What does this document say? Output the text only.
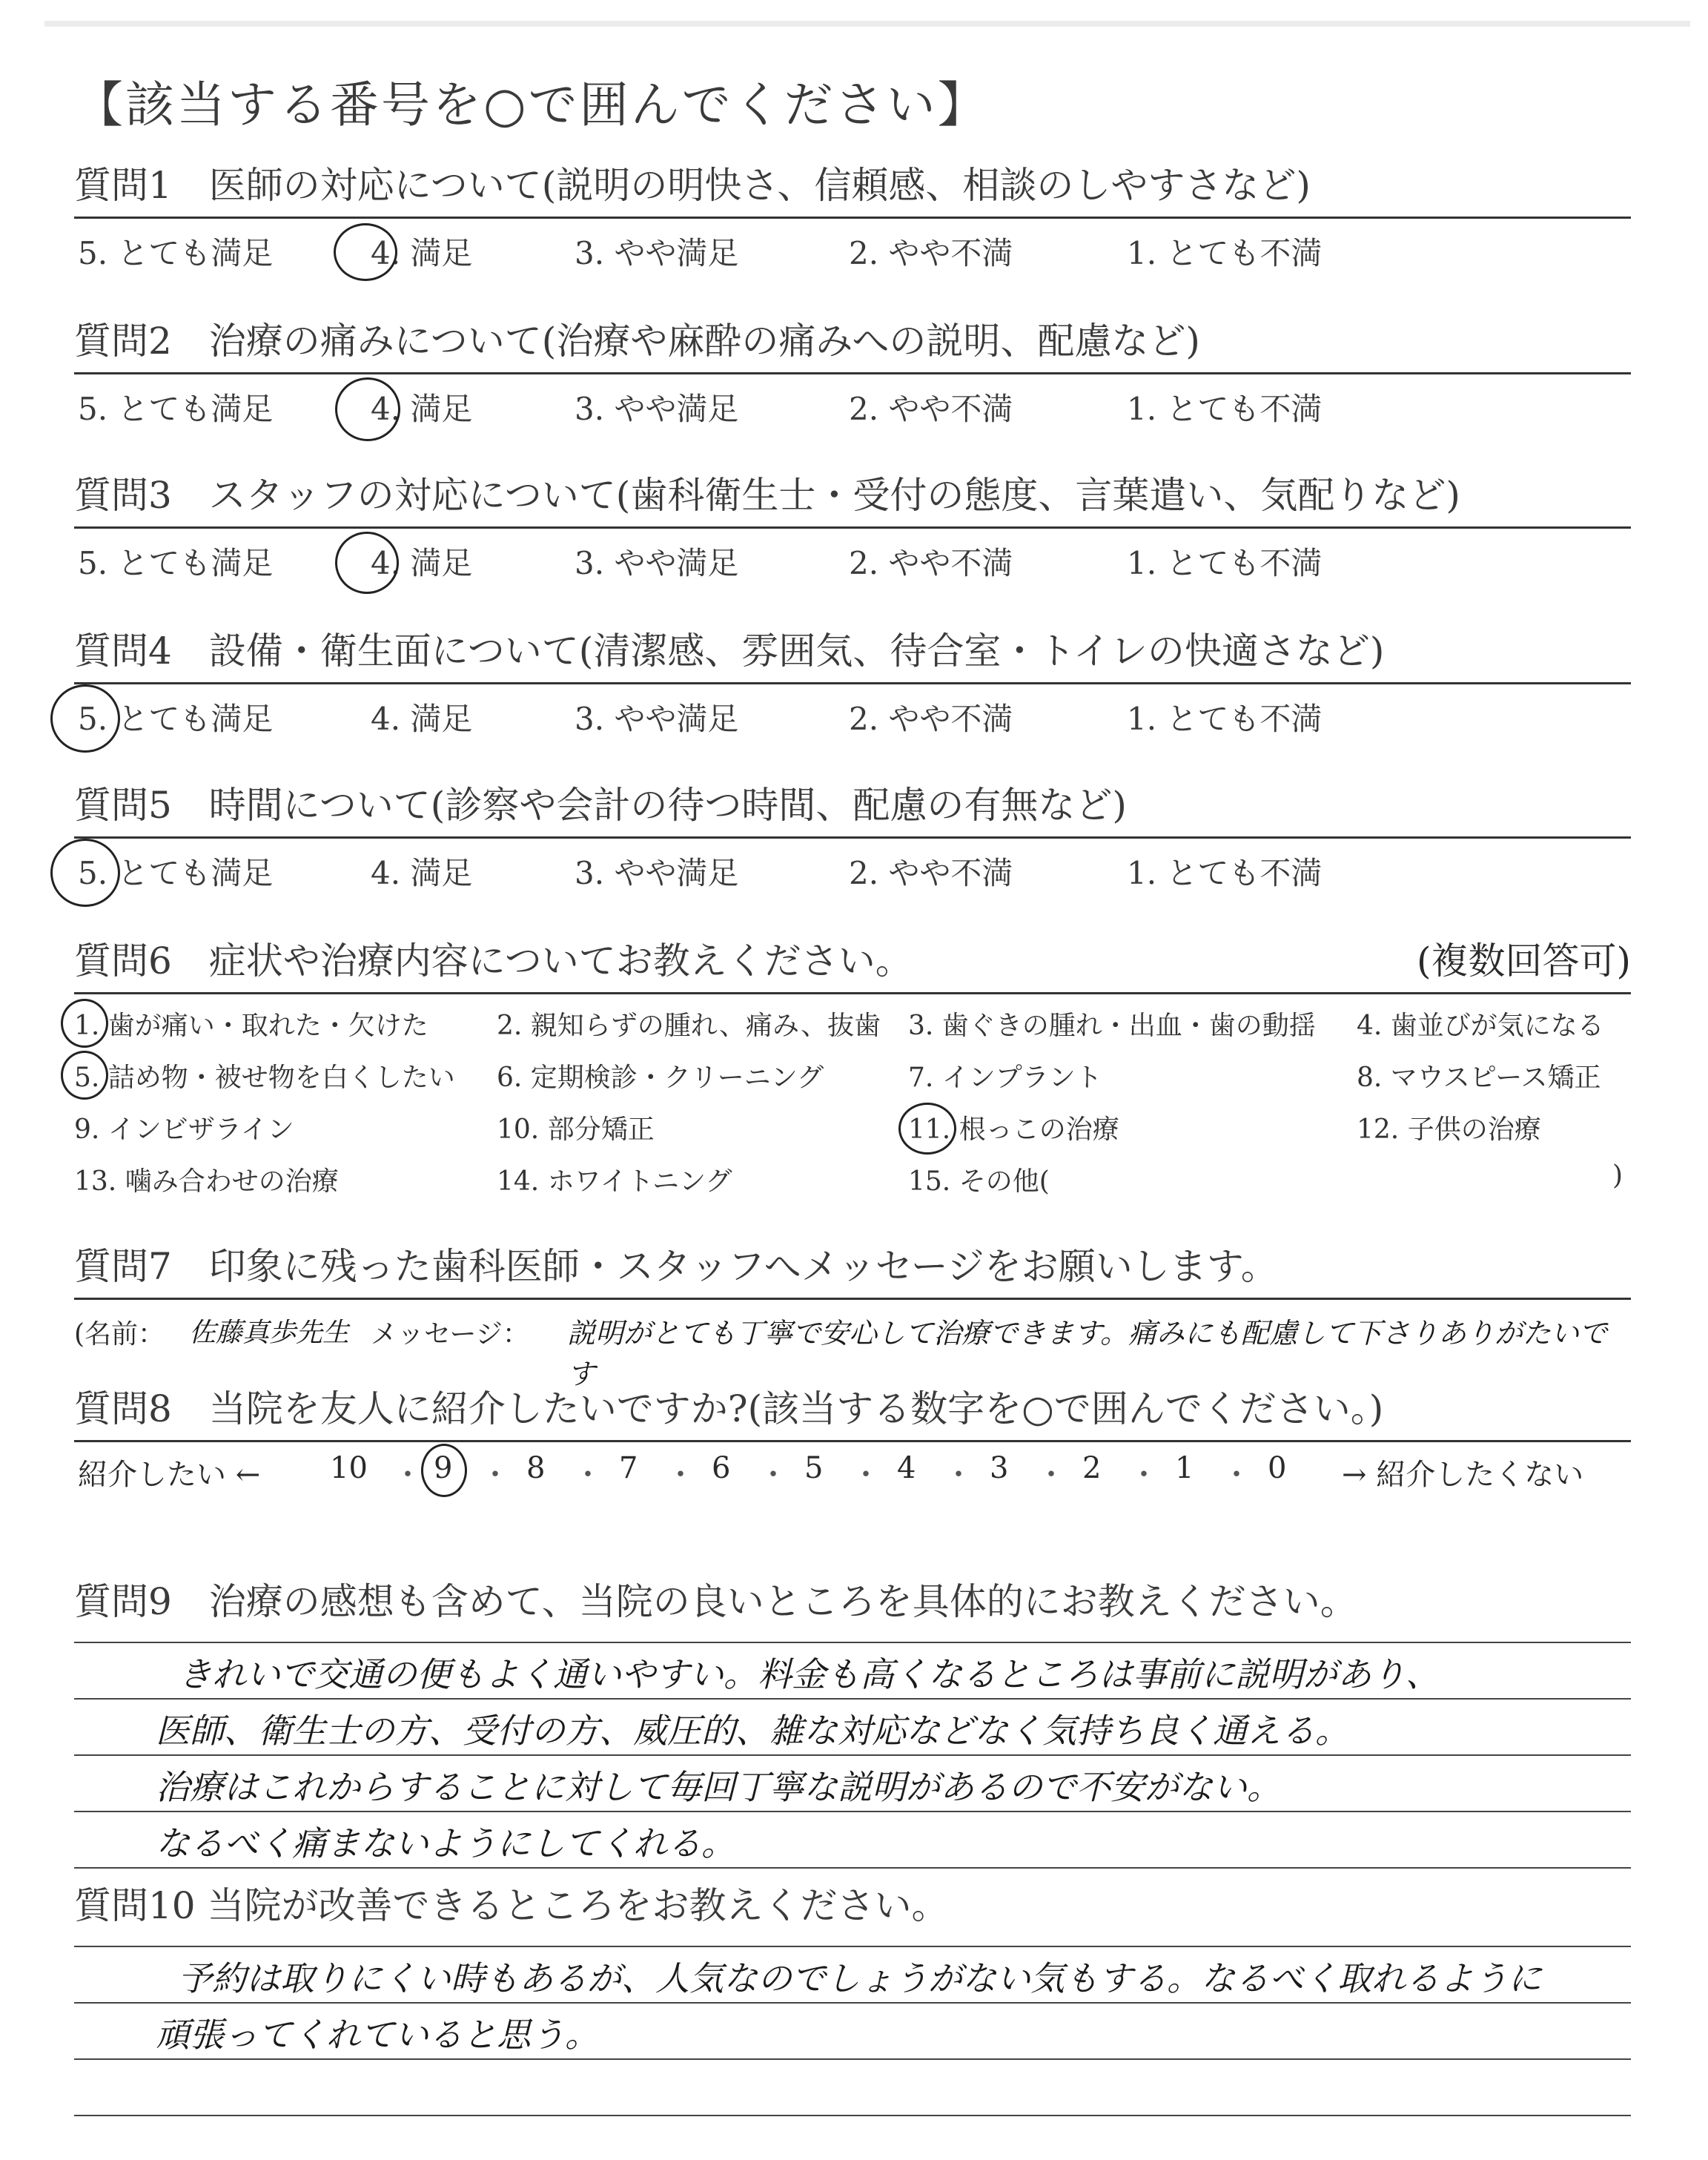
【該当する番号を○で囲んでください】
質問1　医師の対応について(説明の明快さ、信頼感、相談のしやすさなど)
5. とても満足	4. 満足	3. やや満足	2. やや不満	1. とても不満
質問2　治療の痛みについて(治療や麻酔の痛みへの説明、配慮など)
5. とても満足	4. 満足	3. やや満足	2. やや不満	1. とても不満
質問3　スタッフの対応について(歯科衛生士・受付の態度、言葉遣い、気配りなど)
5. とても満足	4. 満足	3. やや満足	2. やや不満	1. とても不満
質問4　設備・衛生面について(清潔感、雰囲気、待合室・トイレの快適さなど)
5. とても満足	4. 満足	3. やや満足	2. やや不満	1. とても不満
質問5　時間について(診察や会計の待つ時間、配慮の有無など)
5. とても満足	4. 満足	3. やや満足	2. やや不満	1. とても不満
質問6　症状や治療内容についてお教えください。	(複数回答可)
1. 歯が痛い・取れた・欠けた	2. 親知らずの腫れ、痛み、抜歯 3. 歯ぐきの腫れ・出血・歯の動揺 4. 歯並びが気になる
5. 詰め物・被せ物を白くしたい 6. 定期検診・クリーニング	7. インプラント	8. マウスピース矯正
9. インビザライン	10. 部分矯正	11. 根っこの治療	12. 子供の治療
13. 噛み合わせの治療	14. ホワイトニング	15. その他(	)
質問7　印象に残った歯科医師・スタッフへメッセージをお願いします。
(名前： 佐藤真歩先生 メッセージ： 説明がとても丁寧で安心して治療できます。痛みにも配慮して下さりありがたいです
質問8　当院を友人に紹介したいですか?(該当する数字を○で囲んでください。)
紹介したい ← 10 9 8 7 6 5 4 3 2 1 0 → 紹介したくない
・ ・ ・ ・ ・ ・ ・ ・ ・ ・
質問9　治療の感想も含めて、当院の良いところを具体的にお教えください。
きれいで交通の便もよく通いやすい。料金も高くなるところは事前に説明があり、
医師、衛生士の方、受付の方、威圧的、雑な対応などなく気持ち良く通える。
治療はこれからすることに対して毎回丁寧な説明があるので不安がない。
なるべく痛まないようにしてくれる。
質問10 当院が改善できるところをお教えください。
予約は取りにくい時もあるが、人気なのでしょうがない気もする。なるべく取れるように
頑張ってくれていると思う。
